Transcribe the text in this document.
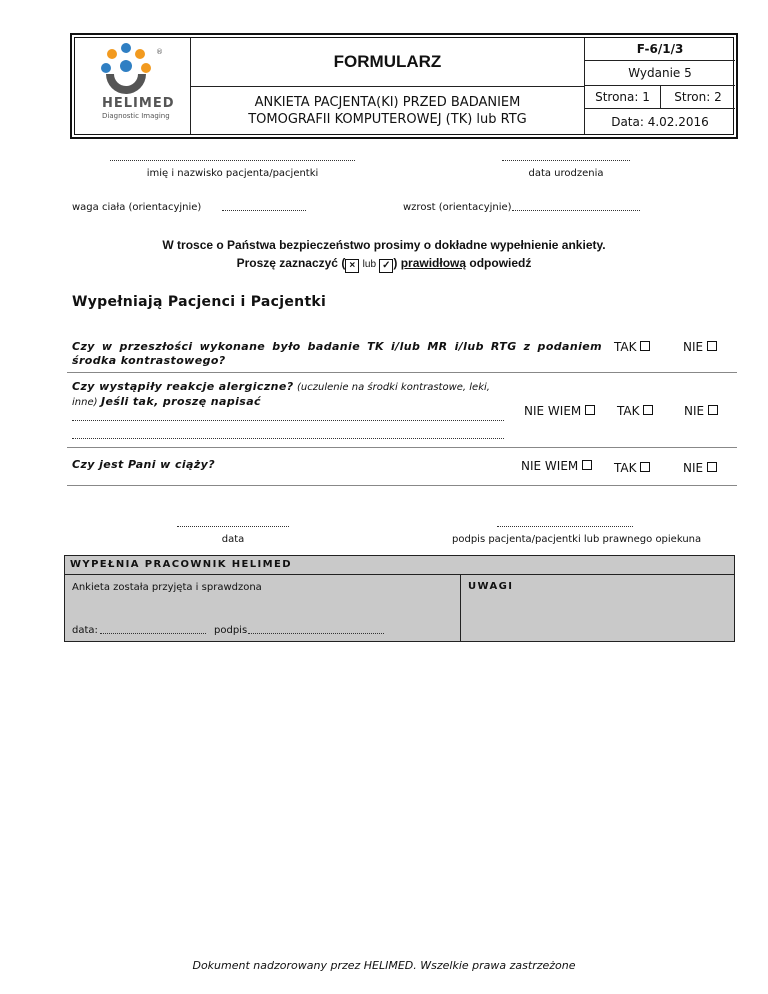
®
HELIMED
Diagnostic Imaging
FORMULARZ
ANKIETA PACJENTA(KI) PRZED BADANIEM
TOMOGRAFII KOMPUTEROWEJ (TK) lub RTG
F-6/1/3
Wydanie 5
Strona: 1	Stron: 2
Data: 4.02.2016
imię i nazwisko pacjenta/pacjentki	data urodzenia
waga ciała (orientacyjnie)	wzrost (orientacyjnie)
W trosce o Państwa bezpieczeństwo prosimy o dokładne wypełnienie ankiety.
Proszę zaznaczyć ( × lub ✓ ) prawidłową odpowiedź
Wypełniają Pacjenci i Pacjentki
Czy w przeszłości wykonane było badanie TK i/lub MR i/lub RTG z podaniem środka kontrastowego?
TAK	NIE
Czy wystąpiły reakcje alergiczne? (uczulenie na środki kontrastowe, leki, inne) Jeśli tak, proszę napisać
NIE WIEM	TAK	NIE
Czy jest Pani w ciąży?	NIE WIEM	TAK	NIE
data	podpis pacjenta/pacjentki lub prawnego opiekuna
WYPEŁNIA PRACOWNIK HELIMED
Ankieta została przyjęta i sprawdzona	UWAGI
data:	podpis
Dokument nadzorowany przez HELIMED. Wszelkie prawa zastrzeżone
